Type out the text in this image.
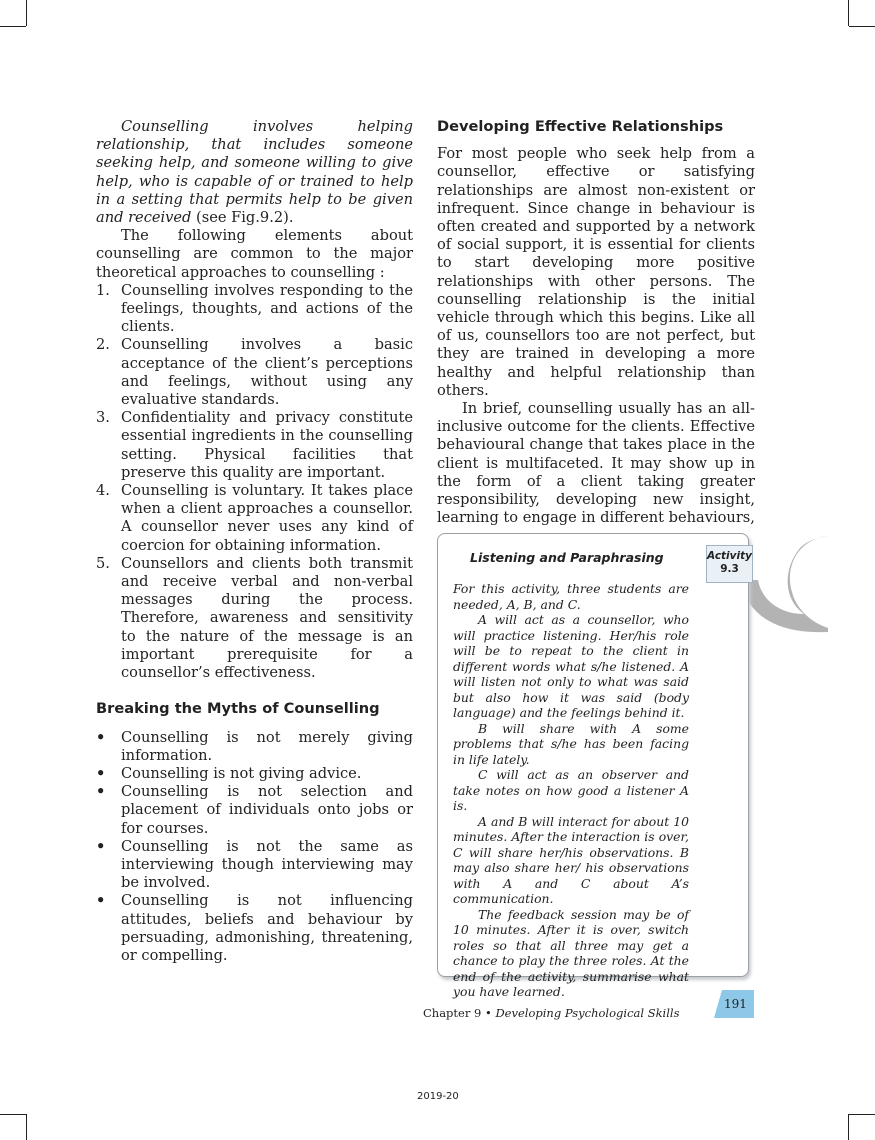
Counselling involves helping relationship, that includes someone seeking help, and someone willing to give help, who is capable of or trained to help in a setting that permits help to be given and received (see Fig.9.2).

The following elements about counselling are common to the major theoretical approaches to counselling :

1. Counselling involves responding to the feelings, thoughts, and actions of the clients.
2. Counselling involves a basic acceptance of the client’s perceptions and feelings, without using any evaluative standards.
3. Confidentiality and privacy constitute essential ingredients in the counselling setting. Physical facilities that preserve this quality are important.
4. Counselling is voluntary. It takes place when a client approaches a counsellor. A counsellor never uses any kind of coercion for obtaining information.
5. Counsellors and clients both transmit and receive verbal and non-verbal messages during the process. Therefore, awareness and sensitivity to the nature of the message is an important prerequisite for a counsellor’s effectiveness.
Breaking the Myths of Counselling
• Counselling is not merely giving information.
• Counselling is not giving advice.
• Counselling is not selection and placement of individuals onto jobs or for courses.
• Counselling is not the same as interviewing though interviewing may be involved.
• Counselling is not influencing attitudes, beliefs and behaviour by persuading, admonishing, threatening, or compelling.
Developing Effective Relationships

For most people who seek help from a counsellor, effective or satisfying relationships are almost non-existent or infrequent. Since change in behaviour is often created and supported by a network of social support, it is essential for clients to start developing more positive relationships with other persons. The counselling relationship is the initial vehicle through which this begins. Like all of us, counsellors too are not perfect, but they are trained in developing a more healthy and helpful relationship than others.

In brief, counselling usually has an all-inclusive outcome for the clients. Effective behavioural change that takes place in the client is multifaceted. It may show up in the form of a client taking greater responsibility, developing new insight, learning to engage in different behaviours,

Listening and Paraphrasing

For this activity, three students are needed, A, B, and C.

A will act as a counsellor, who will practice listening. Her/his role will be to repeat to the client in different words what s/he listened. A will listen not only to what was said but also how it was said (body language) and the feelings behind it.

B will share with A some problems that s/he has been facing in life lately.

C will act as an observer and take notes on how good a listener A is.

A and B will interact for about 10 minutes. After the interaction is over, C will share her/his observations. B may also share her/ his observations with A and C about A’s communication.

The feedback session may be of 10 minutes. After it is over, switch roles so that all three may get a chance to play the three roles. At the end of the activity, summarise what you have learned.

Activity
9.3
Chapter 9 • Developing Psychological Skills
191
2019-20
